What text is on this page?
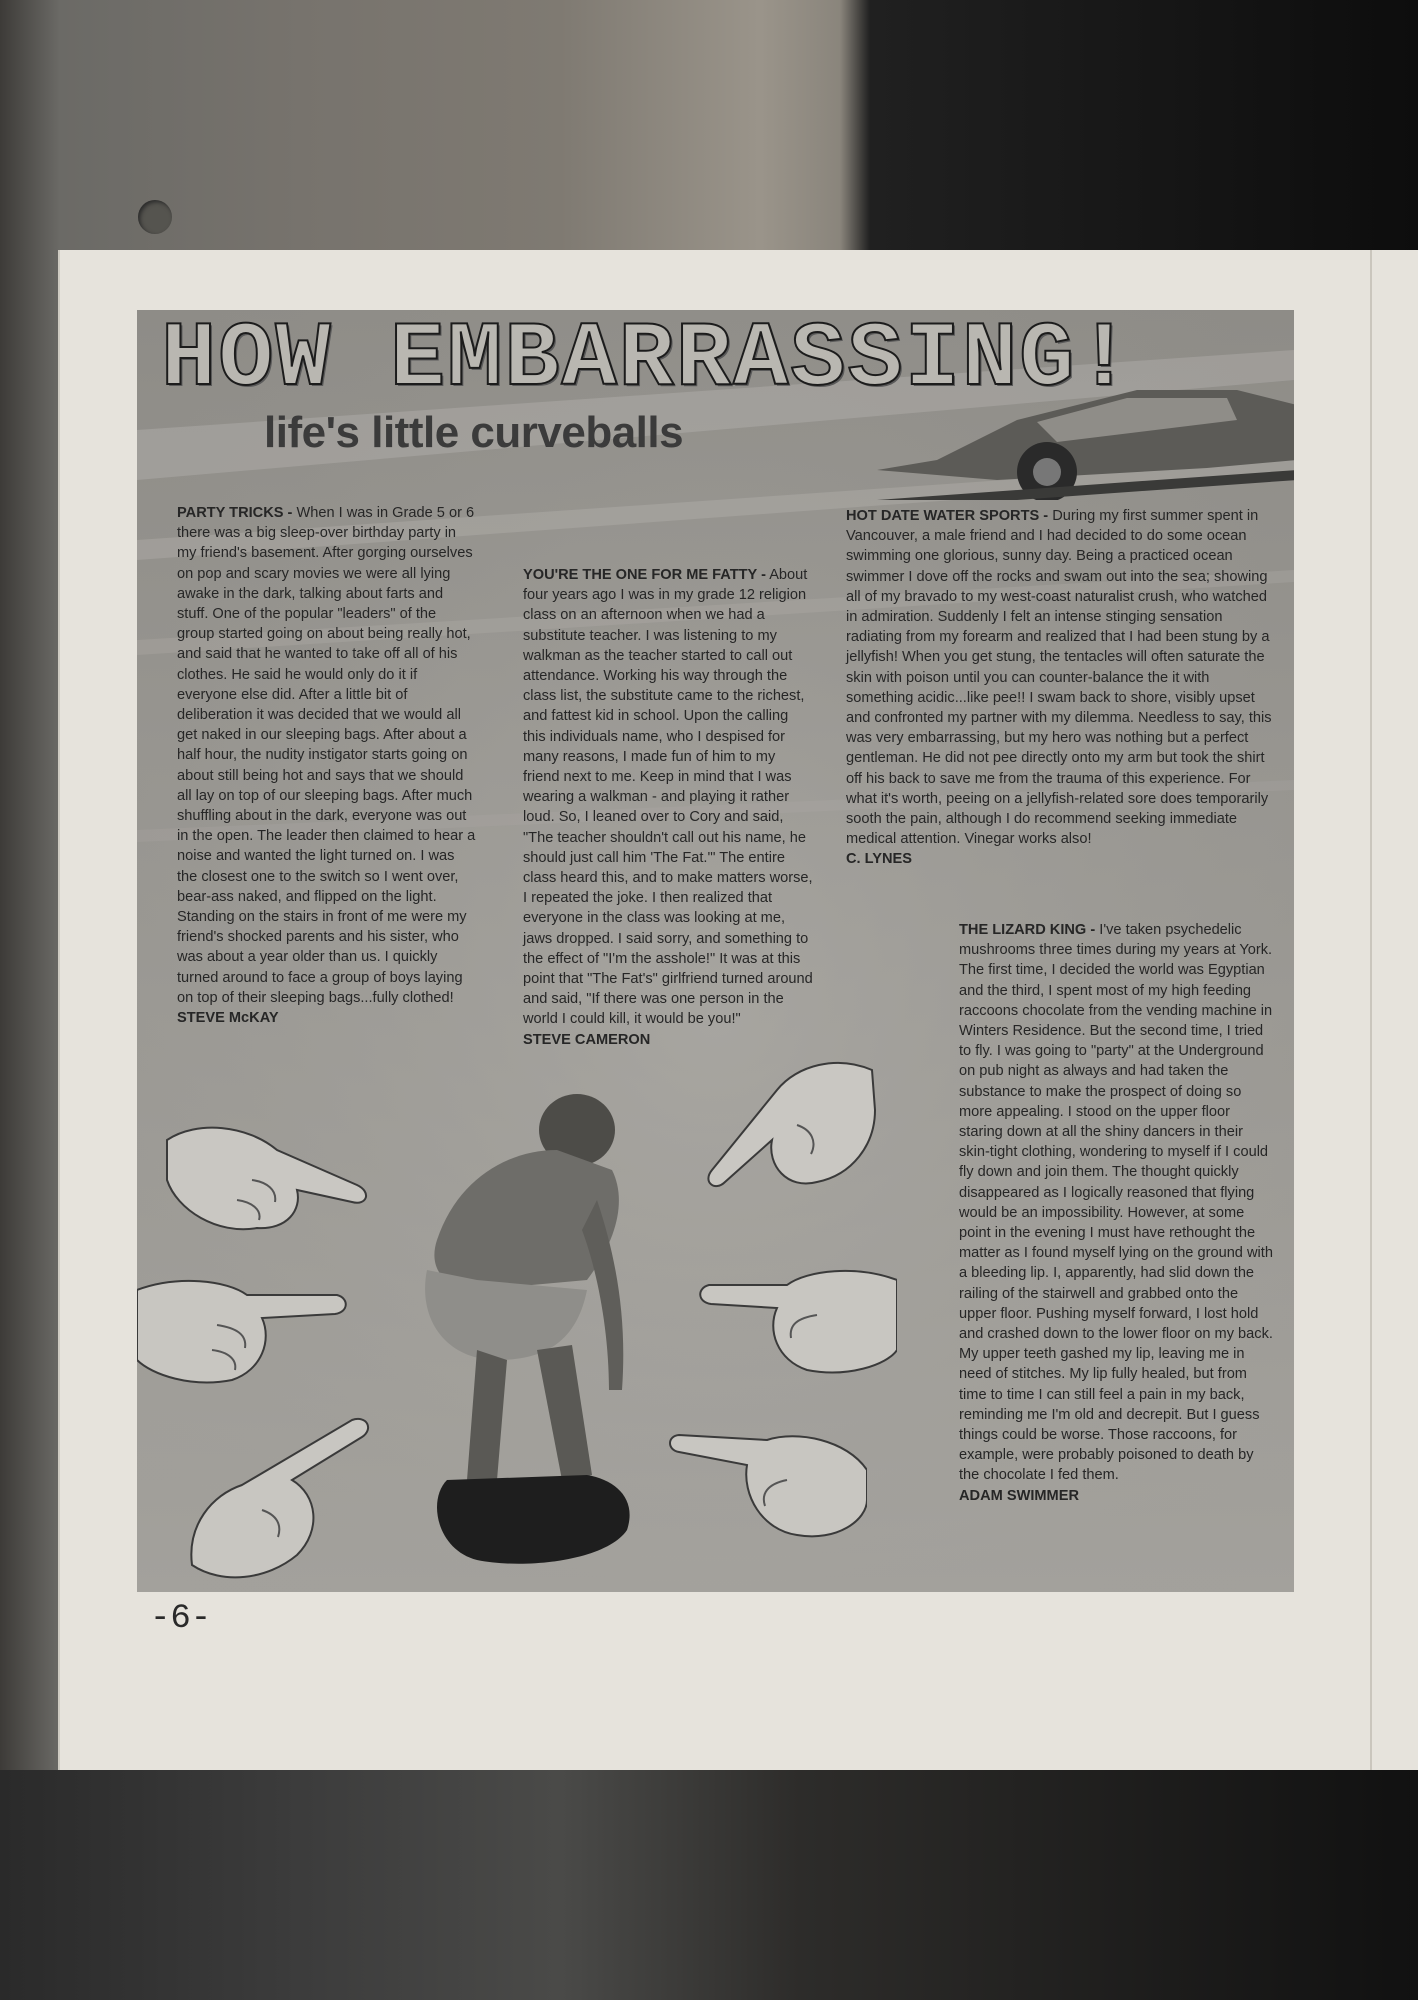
HOW EMBARRASSING!
life's little curveballs
PARTY TRICKS - When I was in Grade 5 or 6 there was a big sleep-over birthday party in my friend's basement. After gorging ourselves on pop and scary movies we were all lying awake in the dark, talking about farts and stuff. One of the popular "leaders" of the group started going on about being really hot, and said that he wanted to take off all of his clothes. He said he would only do it if everyone else did. After a little bit of deliberation it was decided that we would all get naked in our sleeping bags. After about a half hour, the nudity instigator starts going on about still being hot and says that we should all lay on top of our sleeping bags. After much shuffling about in the dark, everyone was out in the open. The leader then claimed to hear a noise and wanted the light turned on. I was the closest one to the switch so I went over, bear-ass naked, and flipped on the light. Standing on the stairs in front of me were my friend's shocked parents and his sister, who was about a year older than us. I quickly turned around to face a group of boys laying on top of their sleeping bags...fully clothed!
STEVE McKAY
YOU'RE THE ONE FOR ME FATTY - About four years ago I was in my grade 12 religion class on an afternoon when we had a substitute teacher. I was listening to my walkman as the teacher started to call out attendance. Working his way through the class list, the substitute came to the richest, and fattest kid in school. Upon the calling this individuals name, who I despised for many reasons, I made fun of him to my friend next to me. Keep in mind that I was wearing a walkman - and playing it rather loud. So, I leaned over to Cory and said, "The teacher shouldn't call out his name, he should just call him 'The Fat.'" The entire class heard this, and to make matters worse, I repeated the joke. I then realized that everyone in the class was looking at me, jaws dropped. I said sorry, and something to the effect of "I'm the asshole!" It was at this point that "The Fat's" girlfriend turned around and said, "If there was one person in the world I could kill, it would be you!"
STEVE CAMERON
HOT DATE WATER SPORTS - During my first summer spent in Vancouver, a male friend and I had decided to do some ocean swimming one glorious, sunny day. Being a practiced ocean swimmer I dove off the rocks and swam out into the sea; showing all of my bravado to my west-coast naturalist crush, who watched in admiration. Suddenly I felt an intense stinging sensation radiating from my forearm and realized that I had been stung by a jellyfish! When you get stung, the tentacles will often saturate the skin with poison until you can counter-balance the it with something acidic...like pee!! I swam back to shore, visibly upset and confronted my partner with my dilemma. Needless to say, this was very embarrassing, but my hero was nothing but a perfect gentleman. He did not pee directly onto my arm but took the shirt off his back to save me from the trauma of this experience. For what it's worth, peeing on a jellyfish-related sore does temporarily sooth the pain, although I do recommend seeking immediate medical attention. Vinegar works also!
C. LYNES
THE LIZARD KING - I've taken psychedelic mushrooms three times during my years at York. The first time, I decided the world was Egyptian and the third, I spent most of my high feeding raccoons chocolate from the vending machine in Winters Residence. But the second time, I tried to fly. I was going to "party" at the Underground on pub night as always and had taken the substance to make the prospect of doing so more appealing. I stood on the upper floor staring down at all the shiny dancers in their skin-tight clothing, wondering to myself if I could fly down and join them. The thought quickly disappeared as I logically reasoned that flying would be an impossibility. However, at some point in the evening I must have rethought the matter as I found myself lying on the ground with a bleeding lip. I, apparently, had slid down the railing of the stairwell and grabbed onto the upper floor. Pushing myself forward, I lost hold and crashed down to the lower floor on my back. My upper teeth gashed my lip, leaving me in need of stitches. My lip fully healed, but from time to time I can still feel a pain in my back, reminding me I'm old and decrepit. But I guess things could be worse. Those raccoons, for example, were probably poisoned to death by the chocolate I fed them.
ADAM SWIMMER
-6-
